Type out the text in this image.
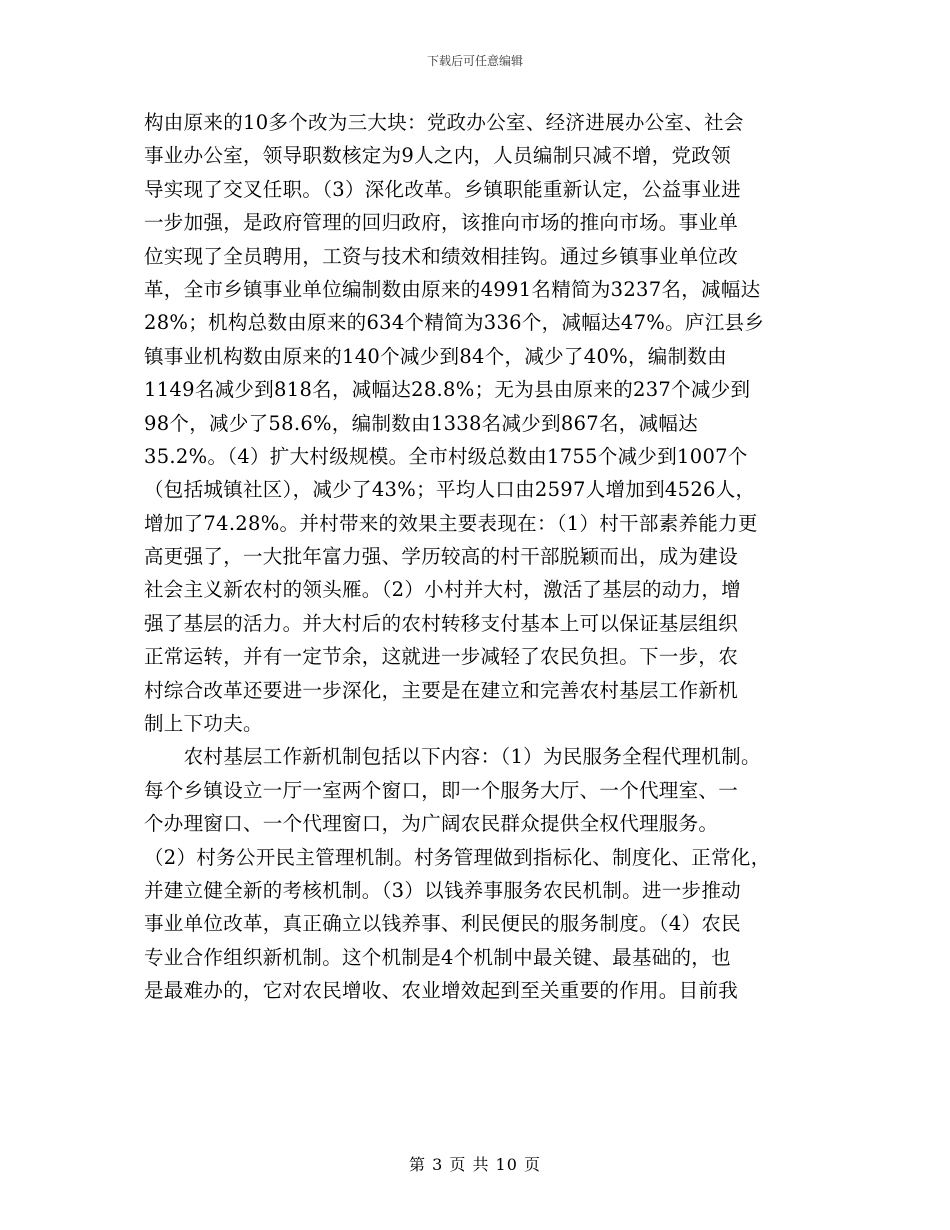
下载后可任意编辑
构由原来的10多个改为三大块：党政办公室、经济进展办公室、社会
事业办公室，领导职数核定为9人之内，人员编制只减不增，党政领
导实现了交叉任职。（3）深化改革。乡镇职能重新认定，公益事业进
一步加强，是政府管理的回归政府，该推向市场的推向市场。事业单
位实现了全员聘用，工资与技术和绩效相挂钩。通过乡镇事业单位改
革，全市乡镇事业单位编制数由原来的4991名精简为3237名，减幅达
28%；机构总数由原来的634个精简为336个，减幅达47%。庐江县乡
镇事业机构数由原来的140个减少到84个，减少了40%，编制数由
1149名减少到818名，减幅达28.8%；无为县由原来的237个减少到
98个，减少了58.6%，编制数由1338名减少到867名，减幅达
35.2%。（4）扩大村级规模。全市村级总数由1755个减少到1007个
（包括城镇社区），减少了43%；平均人口由2597人增加到4526人，
增加了74.28%。并村带来的效果主要表现在：（1）村干部素养能力更
高更强了，一大批年富力强、学历较高的村干部脱颖而出，成为建设
社会主义新农村的领头雁。（2）小村并大村，激活了基层的动力，增
强了基层的活力。并大村后的农村转移支付基本上可以保证基层组织
正常运转，并有一定节余，这就进一步减轻了农民负担。下一步，农
村综合改革还要进一步深化，主要是在建立和完善农村基层工作新机
制上下功夫。
　　农村基层工作新机制包括以下内容：（1）为民服务全程代理机制。
每个乡镇设立一厅一室两个窗口，即一个服务大厅、一个代理室、一
个办理窗口、一个代理窗口，为广阔农民群众提供全权代理服务。
（2）村务公开民主管理机制。村务管理做到指标化、制度化、正常化，
并建立健全新的考核机制。（3）以钱养事服务农民机制。进一步推动
事业单位改革，真正确立以钱养事、利民便民的服务制度。（4）农民
专业合作组织新机制。这个机制是4个机制中最关键、最基础的，也
是最难办的，它对农民增收、农业增效起到至关重要的作用。目前我
第 3 页 共 10 页
